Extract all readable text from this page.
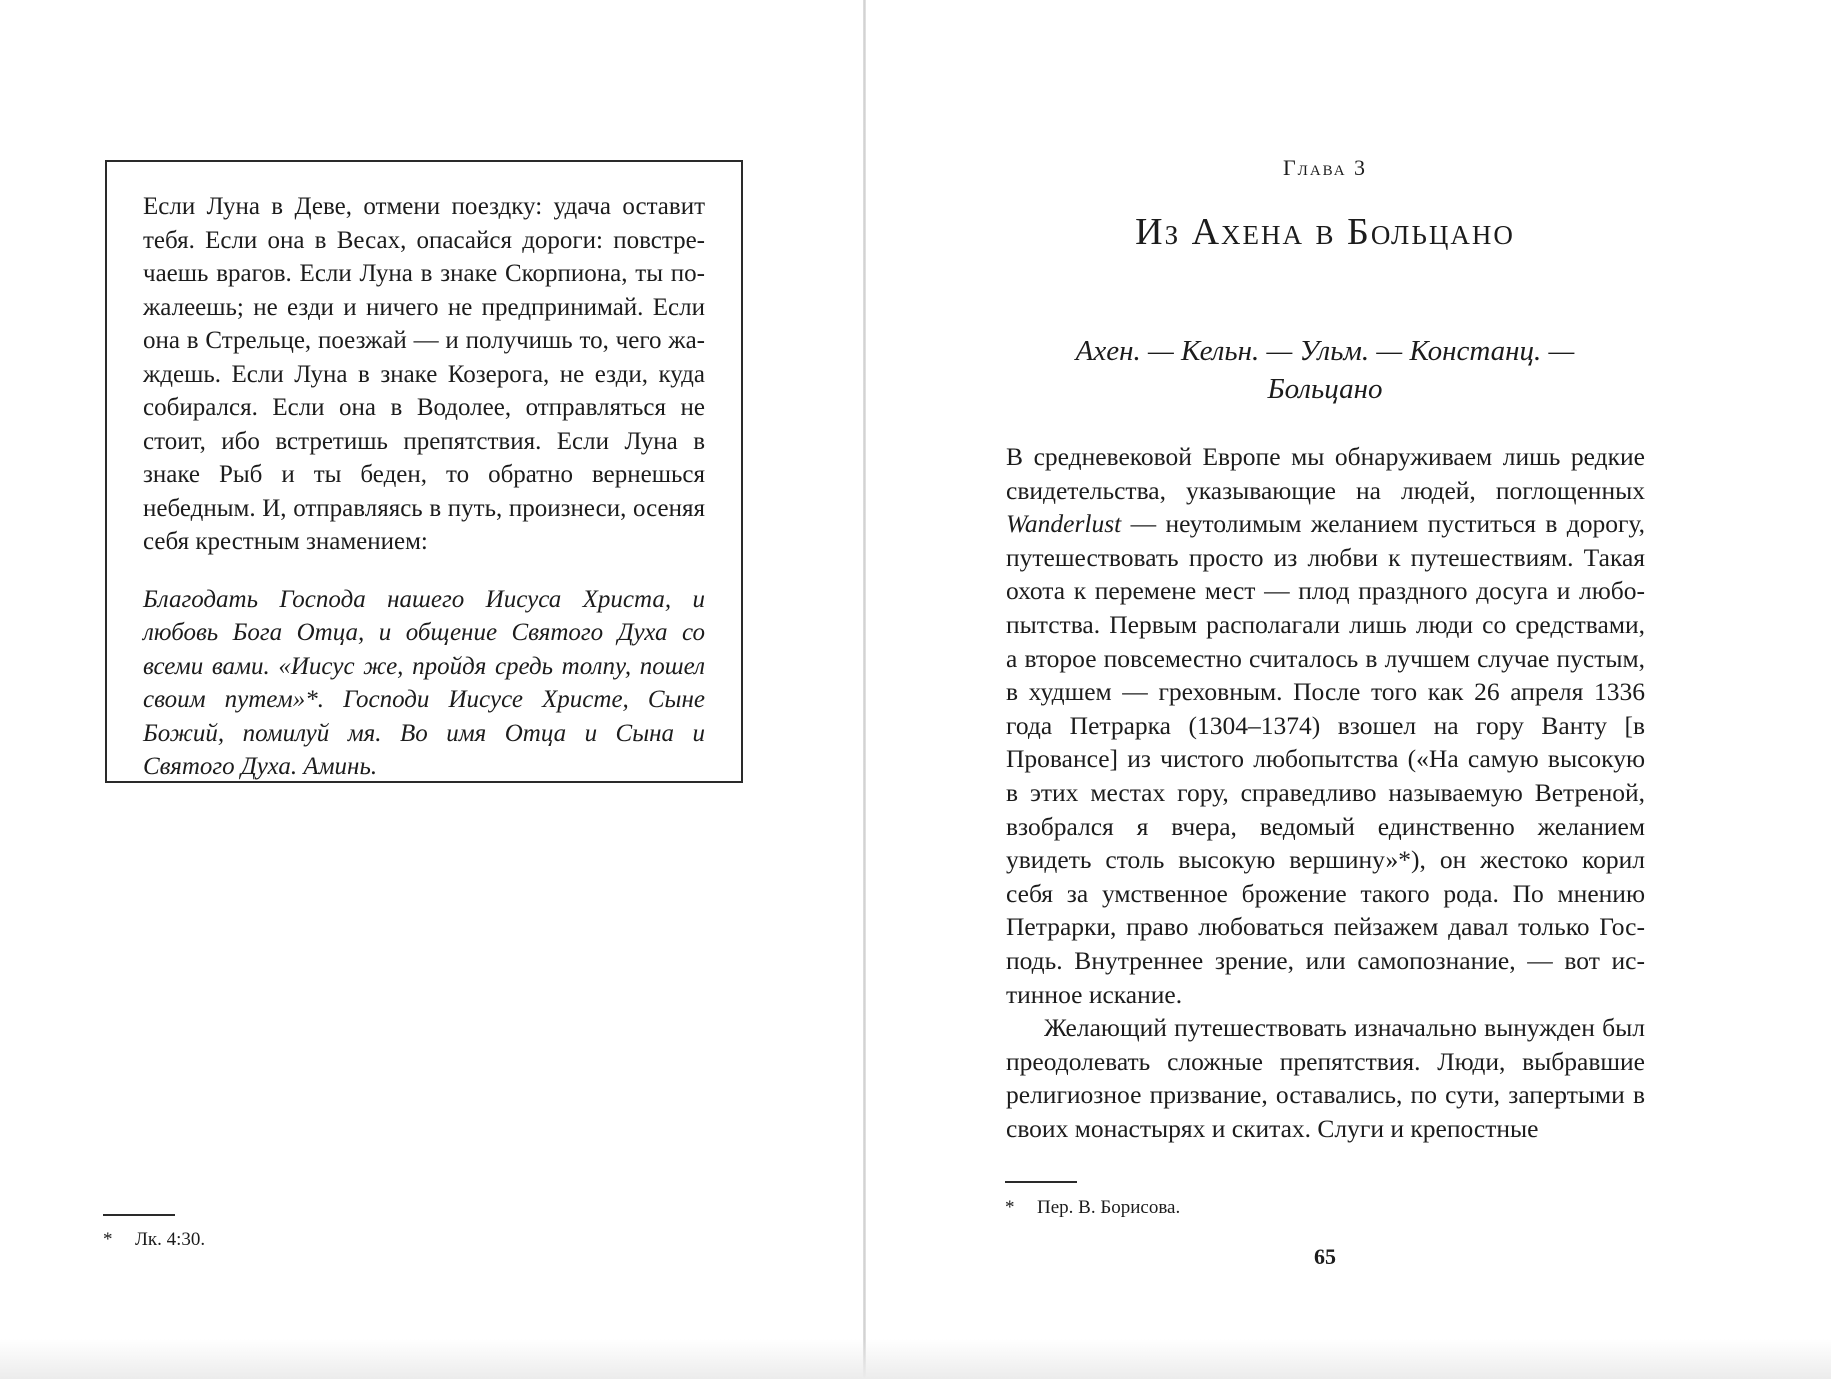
Если Луна в Деве, отмени поездку: удача оставит тебя. Если она в Весах, опасайся дороги: повстречаешь врагов. Если Луна в знаке Скорпиона, ты пожалеешь; не езди и ничего не предпринимай. Если она в Стрельце, поезжай — и получишь то, чего жаждешь. Если Луна в знаке Козерога, не езди, куда собирался. Если она в Водолее, отправляться не стоит, ибо встретишь препятствия. Если Луна в знаке Рыб и ты беден, то обратно вернешься небедным. И, отправляясь в путь, произнеси, осеняя себя крестным знамением:

Благодать Господа нашего Иисуса Христа, и любовь Бога Отца, и общение Святого Духа со всеми вами. «Иисус же, пройдя средь толпу, пошел своим путем»*. Господи Иисусе Христе, Сыне Божий, помилуй мя. Во имя Отца и Сына и Святого Духа. Аминь.

* Лк. 4:30.
Глава 3
Из Ахена в Больцано
Ахен. — Кельн. — Ульм. — Констанц. — Больцано

В средневековой Европе мы обнаруживаем лишь редкие свидетельства, указывающие на людей, поглощенных Wanderlust — неутолимым желанием пуститься в дорогу, путешествовать просто из любви к путешествиям. Такая охота к перемене мест — плод праздного досуга и любопытства. Первым располагали лишь люди со средствами, а второе повсеместно считалось в лучшем случае пустым, в худшем — греховным. После того как 26 апреля 1336 года Петрарка (1304–1374) взошел на гору Ванту [в Провансе] из чистого любопытства («На самую высокую в этих местах гору, справедливо называемую Ветреной, взобрался я вчера, ведомый единственно желанием увидеть столь высокую вершину»*), он жестоко корил себя за умственное брожение такого рода. По мнению Петрарки, право любоваться пейзажем давал только Господь. Внутреннее зрение, или самопознание, — вот истинное искание.

Желающий путешествовать изначально вынужден был преодолевать сложные препятствия. Люди, выбравшие религиозное призвание, оставались, по сути, запертыми в своих монастырях и скитах. Слуги и крепостные

* Пер. В. Борисова.
65
